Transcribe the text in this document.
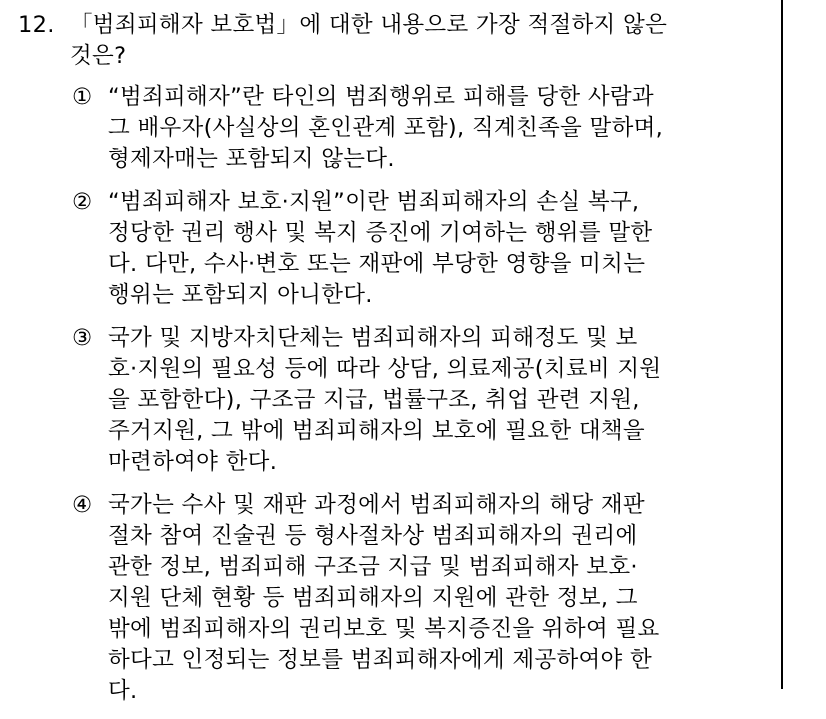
12. 「범죄피해자 보호법」에 대한 내용으로 가장 적절하지 않은
것은?
① “범죄피해자”란 타인의 범죄행위로 피해를 당한 사람과
그 배우자(사실상의 혼인관계 포함), 직계친족을 말하며,
형제자매는 포함되지 않는다.
② “범죄피해자 보호·지원”이란 범죄피해자의 손실 복구,
정당한 권리 행사 및 복지 증진에 기여하는 행위를 말한
다. 다만, 수사·변호 또는 재판에 부당한 영향을 미치는
행위는 포함되지 아니한다.
③ 국가 및 지방자치단체는 범죄피해자의 피해정도 및 보
호·지원의 필요성 등에 따라 상담, 의료제공(치료비 지원
을 포함한다), 구조금 지급, 법률구조, 취업 관련 지원,
주거지원, 그 밖에 범죄피해자의 보호에 필요한 대책을
마련하여야 한다.
④ 국가는 수사 및 재판 과정에서 범죄피해자의 해당 재판
절차 참여 진술권 등 형사절차상 범죄피해자의 권리에
관한 정보, 범죄피해 구조금 지급 및 범죄피해자 보호·
지원 단체 현황 등 범죄피해자의 지원에 관한 정보, 그
밖에 범죄피해자의 권리보호 및 복지증진을 위하여 필요
하다고 인정되는 정보를 범죄피해자에게 제공하여야 한
다.
